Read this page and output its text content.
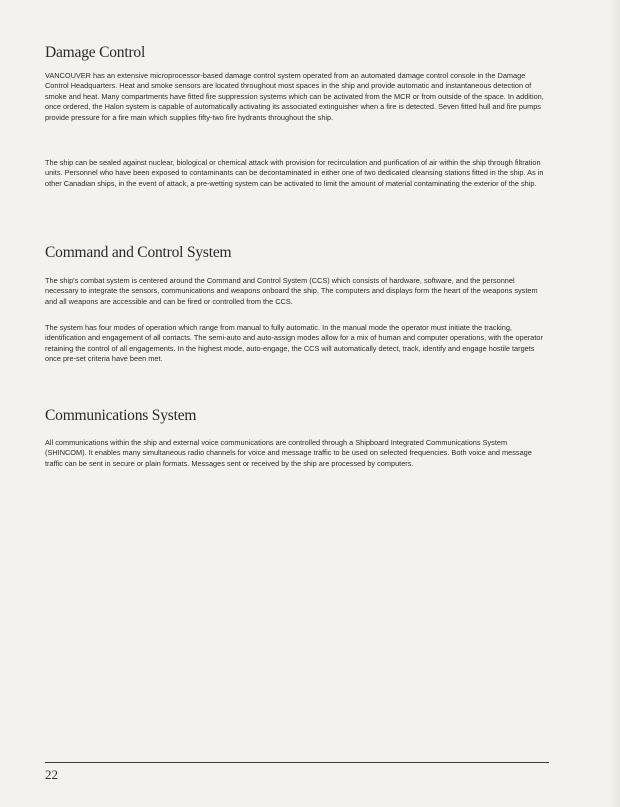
Damage Control

VANCOUVER has an extensive microprocessor-based damage control system operated from an automated damage control console in the Damage Control Headquarters. Heat and smoke sensors are located throughout most spaces in the ship and provide automatic and instantaneous detection of smoke and heat. Many compartments have fitted fire suppression systems which can be activated from the MCR or from outside of the space. In addition, once ordered, the Halon system is capable of automatically activating its associated extinguisher when a fire is detected. Seven fitted hull and fire pumps provide pressure for a fire main which supplies fifty-two fire hydrants throughout the ship.

The ship can be sealed against nuclear, biological or chemical attack with provision for recirculation and purification of air within the ship through filtration units. Personnel who have been exposed to contaminants can be decontaminated in either one of two dedicated cleansing stations fitted in the ship. As in other Canadian ships, in the event of attack, a pre-wetting system can be activated to limit the amount of material contaminating the exterior of the ship.

Command and Control System

The ship's combat system is centered around the Command and Control System (CCS) which consists of hardware, software, and the personnel necessary to integrate the sensors, communications and weapons onboard the ship. The computers and displays form the heart of the weapons system and all weapons are accessible and can be fired or controlled from the CCS.

The system has four modes of operation which range from manual to fully automatic. In the manual mode the operator must initiate the tracking, identification and engagement of all contacts. The semi-auto and auto-assign modes allow for a mix of human and computer operations, with the operator retaining the control of all engagements. In the highest mode, auto-engage, the CCS will automatically detect, track, identify and engage hostile targets once pre-set criteria have been met.

Communications System

All communications within the ship and external voice communications are controlled through a Shipboard Integrated Communications System (SHINCOM). It enables many simultaneous radio channels for voice and message traffic to be used on selected frequencies. Both voice and message traffic can be sent in secure or plain formats. Messages sent or received by the ship are processed by computers.

22
